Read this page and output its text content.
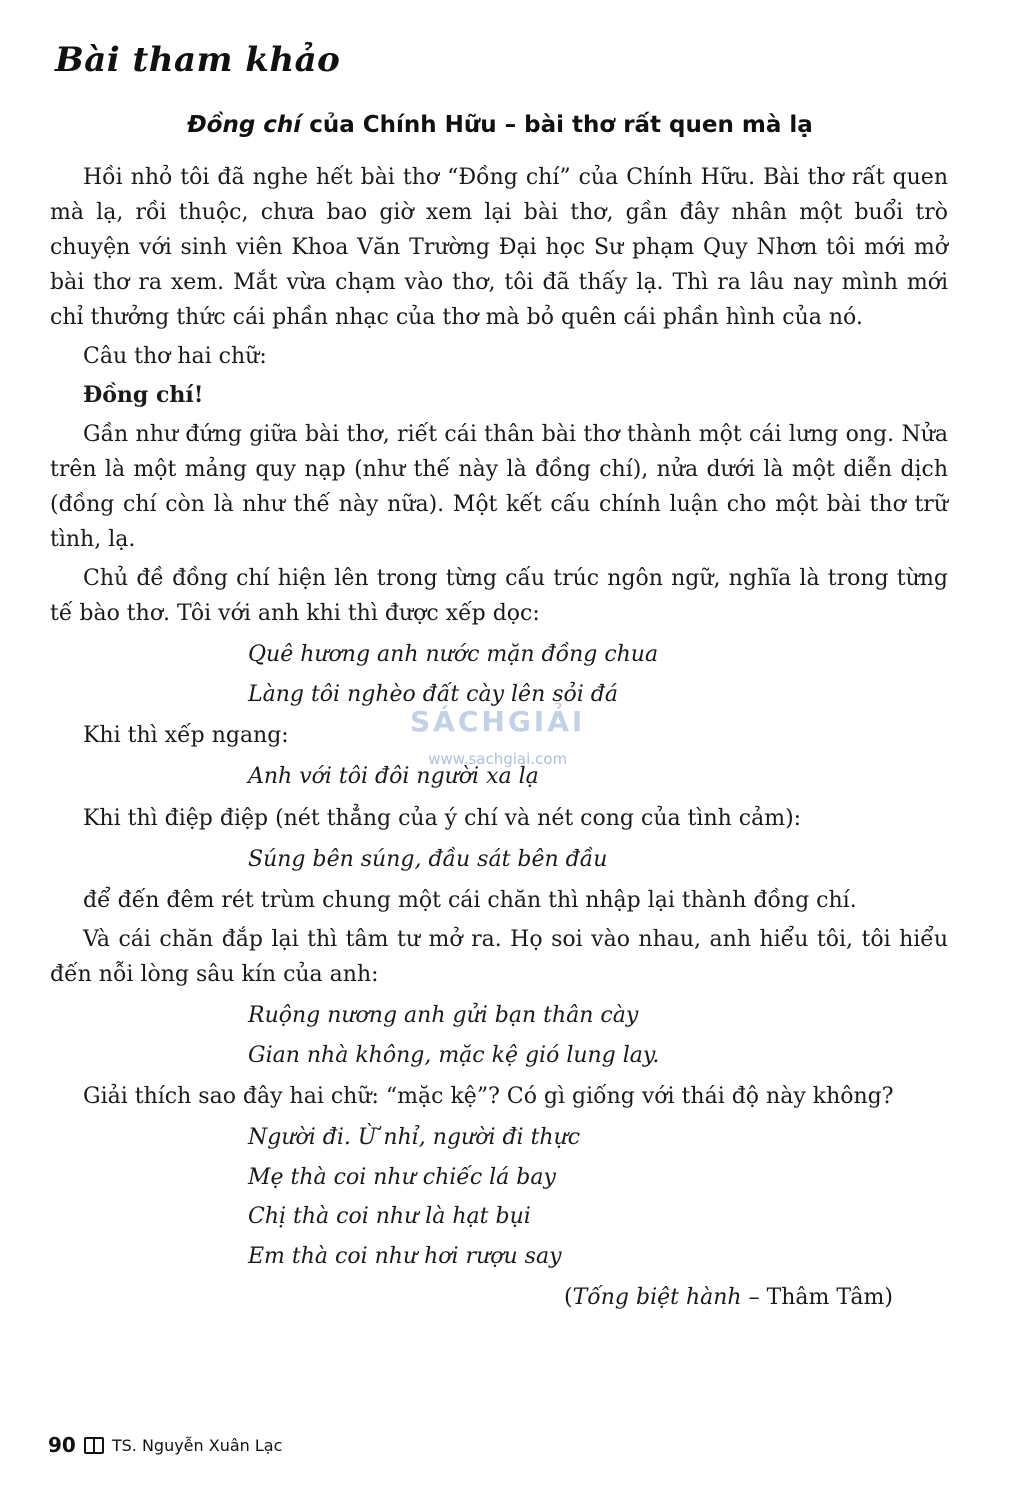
Bài tham khảo
Đồng chí của Chính Hữu – bài thơ rất quen mà lạ

Hồi nhỏ tôi đã nghe hết bài thơ “Đồng chí” của Chính Hữu. Bài thơ rất quen mà lạ, rồi thuộc, chưa bao giờ xem lại bài thơ, gần đây nhân một buổi trò chuyện với sinh viên Khoa Văn Trường Đại học Sư phạm Quy Nhơn tôi mới mở bài thơ ra xem. Mắt vừa chạm vào thơ, tôi đã thấy lạ. Thì ra lâu nay mình mới chỉ thưởng thức cái phần nhạc của thơ mà bỏ quên cái phần hình của nó.

Câu thơ hai chữ:

Đồng chí!

Gần như đứng giữa bài thơ, riết cái thân bài thơ thành một cái lưng ong. Nửa trên là một mảng quy nạp (như thế này là đồng chí), nửa dưới là một diễn dịch (đồng chí còn là như thế này nữa). Một kết cấu chính luận cho một bài thơ trữ tình, lạ.

Chủ đề đồng chí hiện lên trong từng cấu trúc ngôn ngữ, nghĩa là trong từng tế bào thơ. Tôi với anh khi thì được xếp dọc:

Quê hương anh nước mặn đồng chua
Làng tôi nghèo đất cày lên sỏi đá

Khi thì xếp ngang:

Anh với tôi đôi người xa lạ

Khi thì điệp điệp (nét thẳng của ý chí và nét cong của tình cảm):

Súng bên súng, đầu sát bên đầu

để đến đêm rét trùm chung một cái chăn thì nhập lại thành đồng chí.

Và cái chăn đắp lại thì tâm tư mở ra. Họ soi vào nhau, anh hiểu tôi, tôi hiểu đến nỗi lòng sâu kín của anh:

Ruộng nương anh gửi bạn thân cày
Gian nhà không, mặc kệ gió lung lay.

Giải thích sao đây hai chữ: “mặc kệ”? Có gì giống với thái độ này không?

Người đi. Ừ nhỉ, người đi thực
Mẹ thà coi như chiếc lá bay
Chị thà coi như là hạt bụi
Em thà coi như hơi rượu say
(Tống biệt hành – Thâm Tâm)
SÁCHGIẢI
www.sachgiai.com
90 TS. Nguyễn Xuân Lạc
